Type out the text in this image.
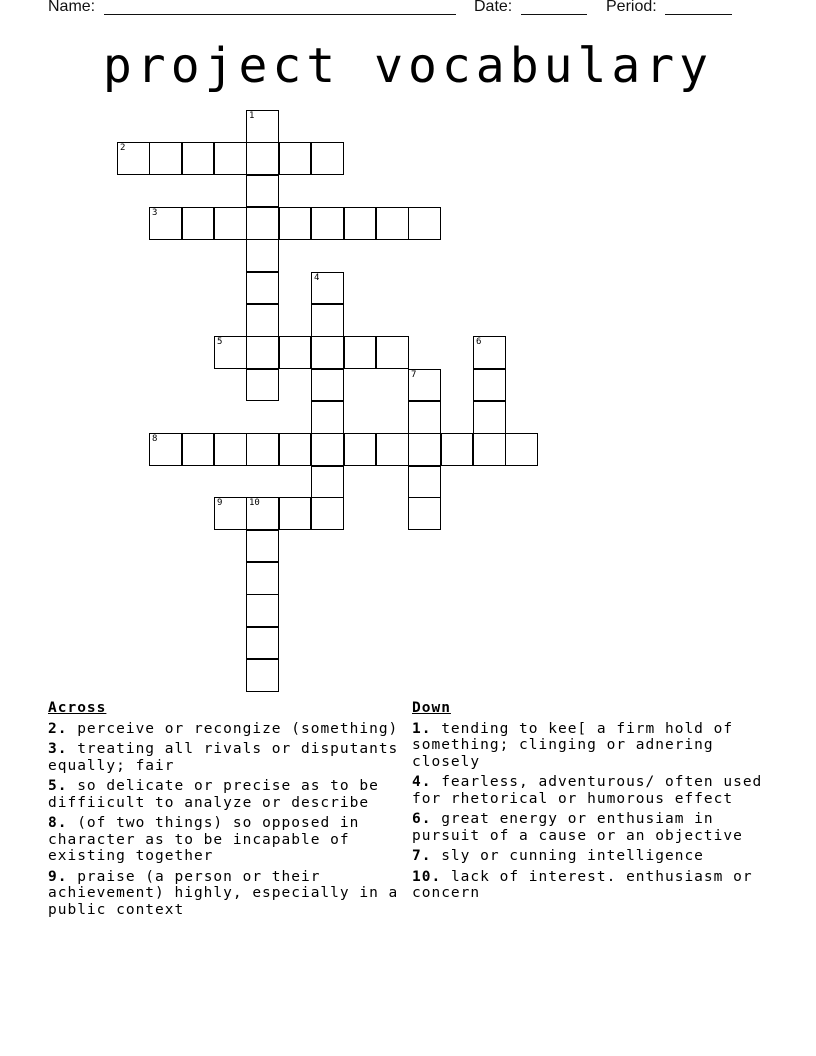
Name:	Date:	Period:
project vocabulary
1
2
3
4
5	6
7
8
9	10
Across
2. perceive or recongize (something)
3. treating all rivals or disputants equally; fair
5. so delicate or precise as to be diffiicult to analyze or describe
8. (of two things) so opposed in character as to be incapable of existing together
9. praise (a person or their achievement) highly, especially in a public context
Down
1. tending to kee[ a firm hold of something; clinging or adnering closely
4. fearless, adventurous/ often used for rhetorical or humorous effect
6. great energy or enthusiam in pursuit of a cause or an objective
7. sly or cunning intelligence
10. lack of interest. enthusiasm or concern
